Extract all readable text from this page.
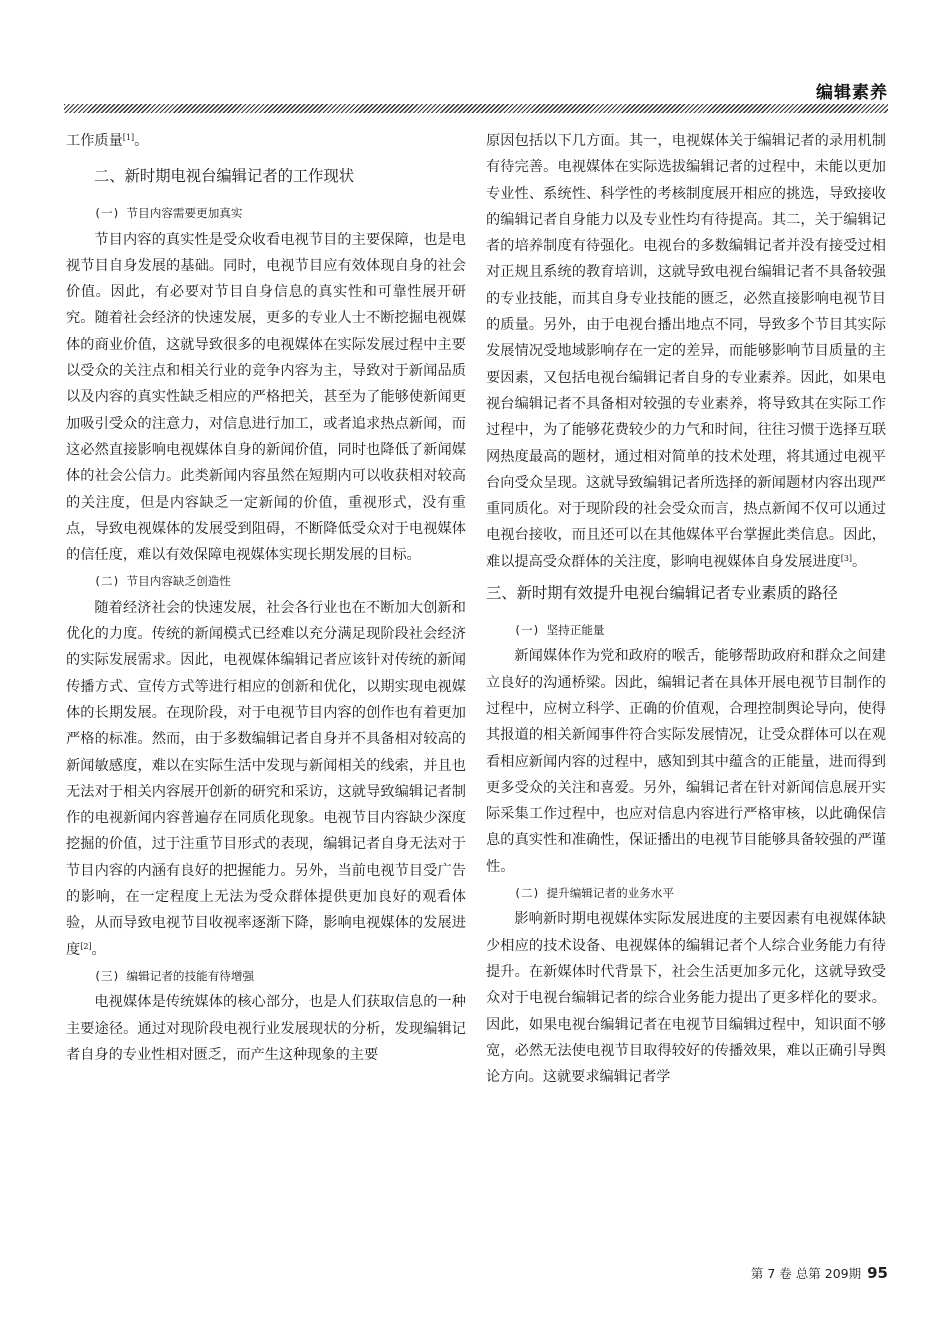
编辑素养

工作质量[1]。

二、新时期电视台编辑记者的工作现状
(一) 节目内容需要更加真实

节目内容的真实性是受众收看电视节目的主要保障，也是电视节目自身发展的基础。同时，电视节目应有效体现自身的社会价值。因此，有必要对节目自身信息的真实性和可靠性展开研究。随着社会经济的快速发展，更多的专业人士不断挖掘电视媒体的商业价值，这就导致很多的电视媒体在实际发展过程中主要以受众的关注点和相关行业的竞争内容为主，导致对于新闻品质以及内容的真实性缺乏相应的严格把关，甚至为了能够使新闻更加吸引受众的注意力，对信息进行加工，或者追求热点新闻，而这必然直接影响电视媒体自身的新闻价值，同时也降低了新闻媒体的社会公信力。此类新闻内容虽然在短期内可以收获相对较高的关注度，但是内容缺乏一定新闻的价值，重视形式，没有重点，导致电视媒体的发展受到阻碍，不断降低受众对于电视媒体的信任度，难以有效保障电视媒体实现长期发展的目标。

(二) 节目内容缺乏创造性

随着经济社会的快速发展，社会各行业也在不断加大创新和优化的力度。传统的新闻模式已经难以充分满足现阶段社会经济的实际发展需求。因此，电视媒体编辑记者应该针对传统的新闻传播方式、宣传方式等进行相应的创新和优化，以期实现电视媒体的长期发展。在现阶段，对于电视节目内容的创作也有着更加严格的标准。然而，由于多数编辑记者自身并不具备相对较高的新闻敏感度，难以在实际生活中发现与新闻相关的线索，并且也无法对于相关内容展开创新的研究和采访，这就导致编辑记者制作的电视新闻内容普遍存在同质化现象。电视节目内容缺少深度挖掘的价值，过于注重节目形式的表现，编辑记者自身无法对于节目内容的内涵有良好的把握能力。另外，当前电视节目受广告的影响，在一定程度上无法为受众群体提供更加良好的观看体验，从而导致电视节目收视率逐渐下降，影响电视媒体的发展进度[2]。

(三) 编辑记者的技能有待增强

电视媒体是传统媒体的核心部分，也是人们获取信息的一种主要途径。通过对现阶段电视行业发展现状的分析，发现编辑记者自身的专业性相对匮乏，而产生这种现象的主要

原因包括以下几方面。其一，电视媒体关于编辑记者的录用机制有待完善。电视媒体在实际选拔编辑记者的过程中，未能以更加专业性、系统性、科学性的考核制度展开相应的挑选，导致接收的编辑记者自身能力以及专业性均有待提高。其二，关于编辑记者的培养制度有待强化。电视台的多数编辑记者并没有接受过相对正规且系统的教育培训，这就导致电视台编辑记者不具备较强的专业技能，而其自身专业技能的匮乏，必然直接影响电视节目的质量。另外，由于电视台播出地点不同，导致多个节目其实际发展情况受地域影响存在一定的差异，而能够影响节目质量的主要因素，又包括电视台编辑记者自身的专业素养。因此，如果电视台编辑记者不具备相对较强的专业素养，将导致其在实际工作过程中，为了能够花费较少的力气和时间，往往习惯于选择互联网热度最高的题材，通过相对简单的技术处理，将其通过电视平台向受众呈现。这就导致编辑记者所选择的新闻题材内容出现严重同质化。对于现阶段的社会受众而言，热点新闻不仅可以通过电视台接收，而且还可以在其他媒体平台掌握此类信息。因此，难以提高受众群体的关注度，影响电视媒体自身发展进度[3]。

三、新时期有效提升电视台编辑记者专业素质的路径
(一) 坚持正能量

新闻媒体作为党和政府的喉舌，能够帮助政府和群众之间建立良好的沟通桥梁。因此，编辑记者在具体开展电视节目制作的过程中，应树立科学、正确的价值观，合理控制舆论导向，使得其报道的相关新闻事件符合实际发展情况，让受众群体可以在观看相应新闻内容的过程中，感知到其中蕴含的正能量，进而得到更多受众的关注和喜爱。另外，编辑记者在针对新闻信息展开实际采集工作过程中，也应对信息内容进行严格审核，以此确保信息的真实性和准确性，保证播出的电视节目能够具备较强的严谨性。

(二) 提升编辑记者的业务水平

影响新时期电视媒体实际发展进度的主要因素有电视媒体缺少相应的技术设备、电视媒体的编辑记者个人综合业务能力有待提升。在新媒体时代背景下，社会生活更加多元化，这就导致受众对于电视台编辑记者的综合业务能力提出了更多样化的要求。因此，如果电视台编辑记者在电视节目编辑过程中，知识面不够宽，必然无法使电视节目取得较好的传播效果，难以正确引导舆论方向。这就要求编辑记者学

第 7 卷 总第 209期 95
